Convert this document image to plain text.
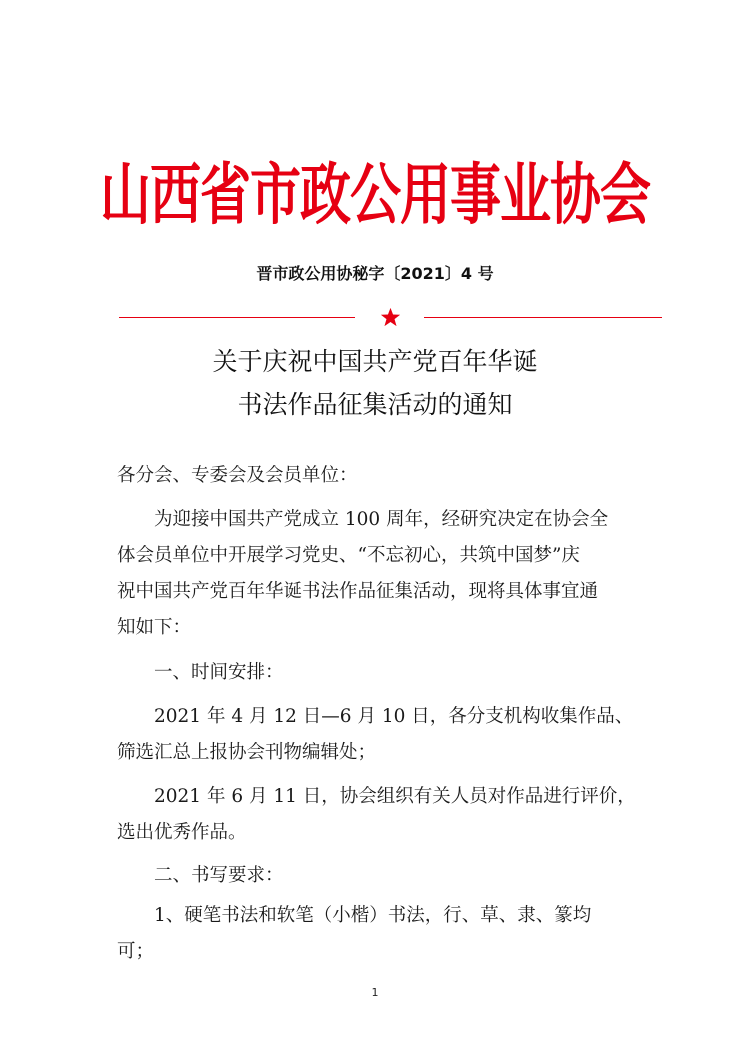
山西省市政公用事业协会
晋市政公用协秘字〔2021〕4 号
关于庆祝中国共产党百年华诞
书法作品征集活动的通知
各分会、专委会及会员单位：
为迎接中国共产党成立 100 周年，经研究决定在协会全
体会员单位中开展学习党史、“不忘初心，共筑中国梦”庆
祝中国共产党百年华诞书法作品征集活动，现将具体事宜通
知如下：
一、时间安排：
2021 年 4 月 12 日—6 月 10 日，各分支机构收集作品、
筛选汇总上报协会刊物编辑处；
2021 年 6 月 11 日，协会组织有关人员对作品进行评价，
选出优秀作品。
二、书写要求：
1、硬笔书法和软笔（小楷）书法，行、草、隶、篆均
可；
1
